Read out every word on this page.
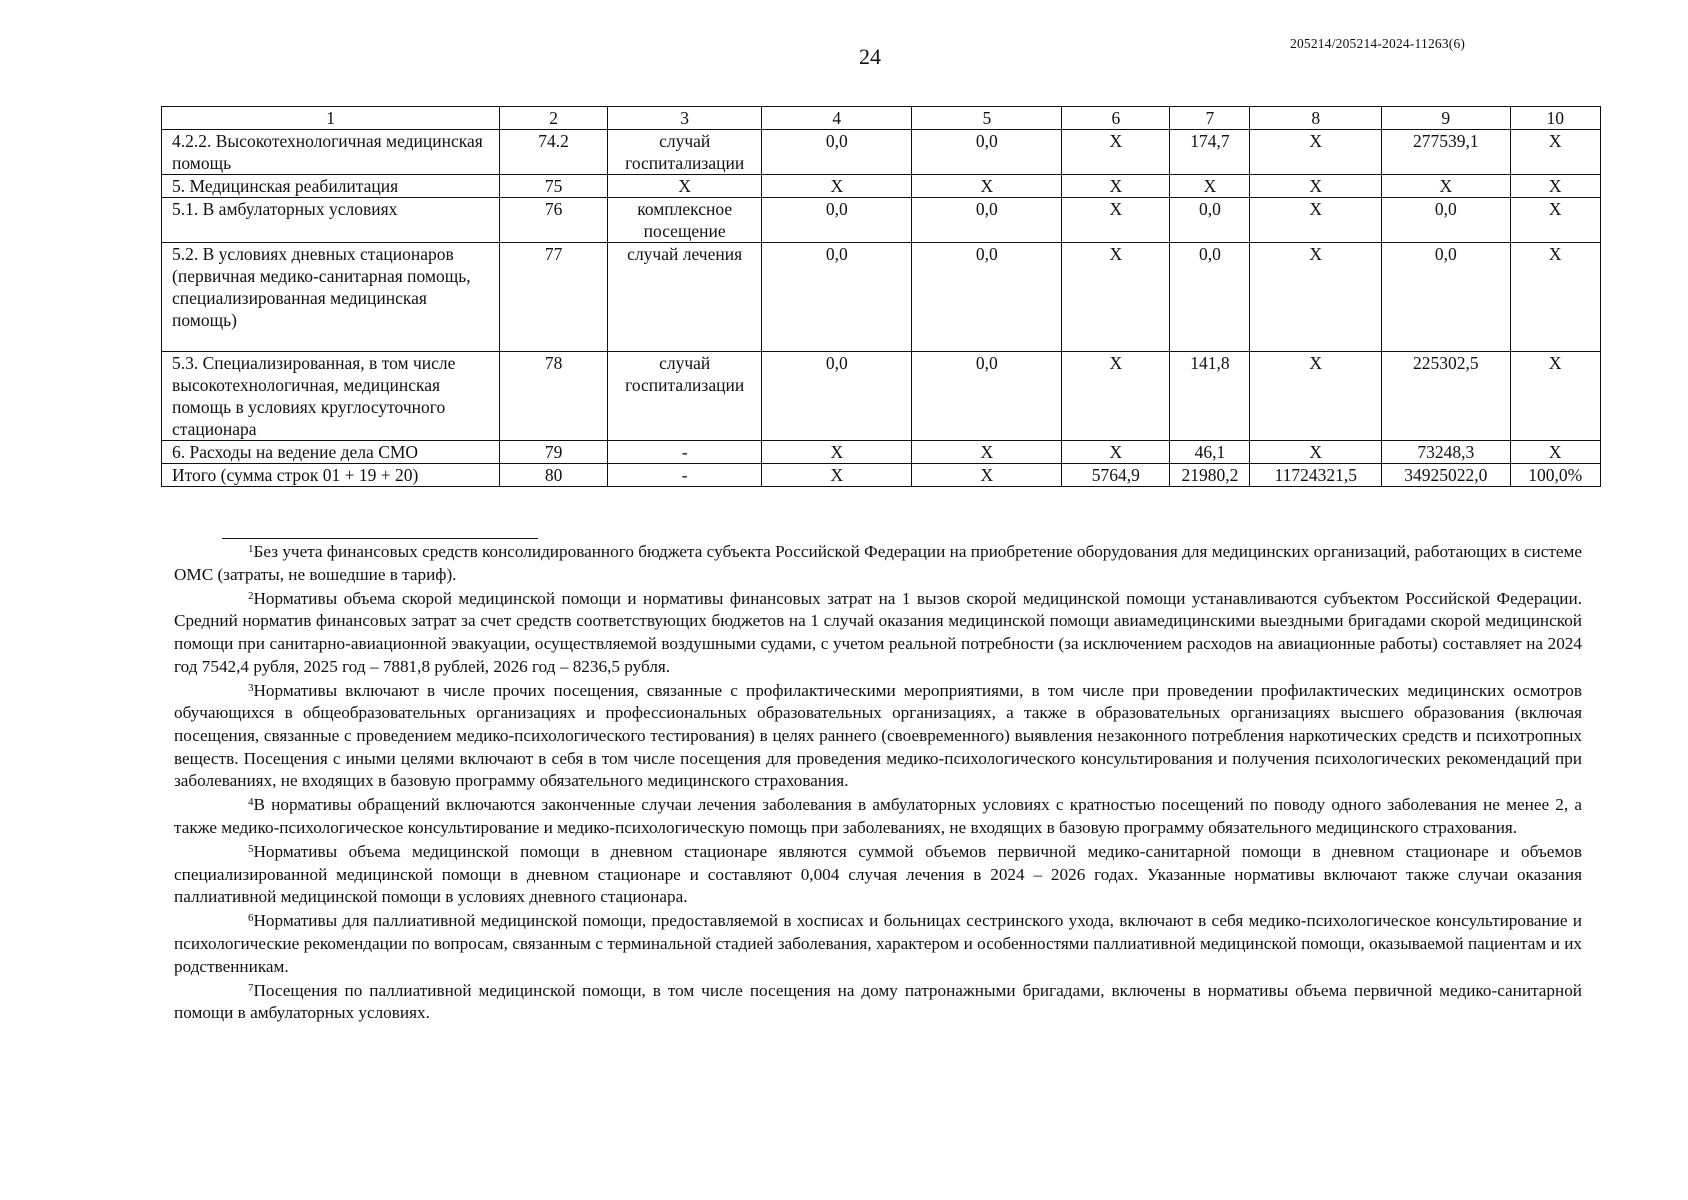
24
205214/205214-2024-11263(6)
1	2	3	4	5	6	7	8	9	10
4.2.2. Высокотехнологичная медицинская помощь	74.2	случай госпитализации	0,0	0,0	X	174,7	X	277539,1	X
5. Медицинская реабилитация	75	X	X	X	X	X	X	X	X
5.1. В амбулаторных условиях	76	комплексное посещение	0,0	0,0	X	0,0	X	0,0	X
5.2. В условиях дневных стационаров (первичная медико-санитарная помощь, специализированная медицинская помощь)	77	случай лечения	0,0	0,0	X	0,0	X	0,0	X
5.3. Специализированная, в том числе высокотехнологичная, медицинская помощь в условиях круглосуточного стационара	78	случай госпитализации	0,0	0,0	X	141,8	X	225302,5	X
6. Расходы на ведение дела СМО	79	-	X	X	X	46,1	X	73248,3	X
Итого (сумма строк 01 + 19 + 20)	80	-	X	X	5764,9	21980,2	11724321,5	34925022,0	100,0%

$^1$Без учета финансовых средств консолидированного бюджета субъекта Российской Федерации на приобретение оборудования для медицинских организаций, работающих в системе ОМС (затраты, не вошедшие в тариф).

$^2$Нормативы объема скорой медицинской помощи и нормативы финансовых затрат на 1 вызов скорой медицинской помощи устанавливаются субъектом Российской Федерации. Средний норматив финансовых затрат за счет средств соответствующих бюджетов на 1 случай оказания медицинской помощи авиамедицинскими выездными бригадами скорой медицинской помощи при санитарно-авиационной эвакуации, осуществляемой воздушными судами, с учетом реальной потребности (за исключением расходов на авиационные работы) составляет на 2024 год 7542,4 рубля, 2025 год – 7881,8 рублей, 2026 год – 8236,5 рубля.

$^3$Нормативы включают в числе прочих посещения, связанные с профилактическими мероприятиями, в том числе при проведении профилактических медицинских осмотров обучающихся в общеобразовательных организациях и профессиональных образовательных организациях, а также в образовательных организациях высшего образования (включая посещения, связанные с проведением медико-психологического тестирования) в целях раннего (своевременного) выявления незаконного потребления наркотических средств и психотропных веществ. Посещения с иными целями включают в себя в том числе посещения для проведения медико-психологического консультирования и получения психологических рекомендаций при заболеваниях, не входящих в базовую программу обязательного медицинского страхования.

$^4$В нормативы обращений включаются законченные случаи лечения заболевания в амбулаторных условиях с кратностью посещений по поводу одного заболевания не менее 2, а также медико-психологическое консультирование и медико-психологическую помощь при заболеваниях, не входящих в базовую программу обязательного медицинского страхования.

$^5$Нормативы объема медицинской помощи в дневном стационаре являются суммой объемов первичной медико-санитарной помощи в дневном стационаре и объемов специализированной медицинской помощи в дневном стационаре и составляют 0,004 случая лечения в 2024 – 2026 годах. Указанные нормативы включают также случаи оказания паллиативной медицинской помощи в условиях дневного стационара.

$^6$Нормативы для паллиативной медицинской помощи, предоставляемой в хосписах и больницах сестринского ухода, включают в себя медико-психологическое консультирование и психологические рекомендации по вопросам, связанным с терминальной стадией заболевания, характером и особенностями паллиативной медицинской помощи, оказываемой пациентам и их родственникам.

$^7$Посещения по паллиативной медицинской помощи, в том числе посещения на дому патронажными бригадами, включены в нормативы объема первичной медико-санитарной помощи в амбулаторных условиях.
